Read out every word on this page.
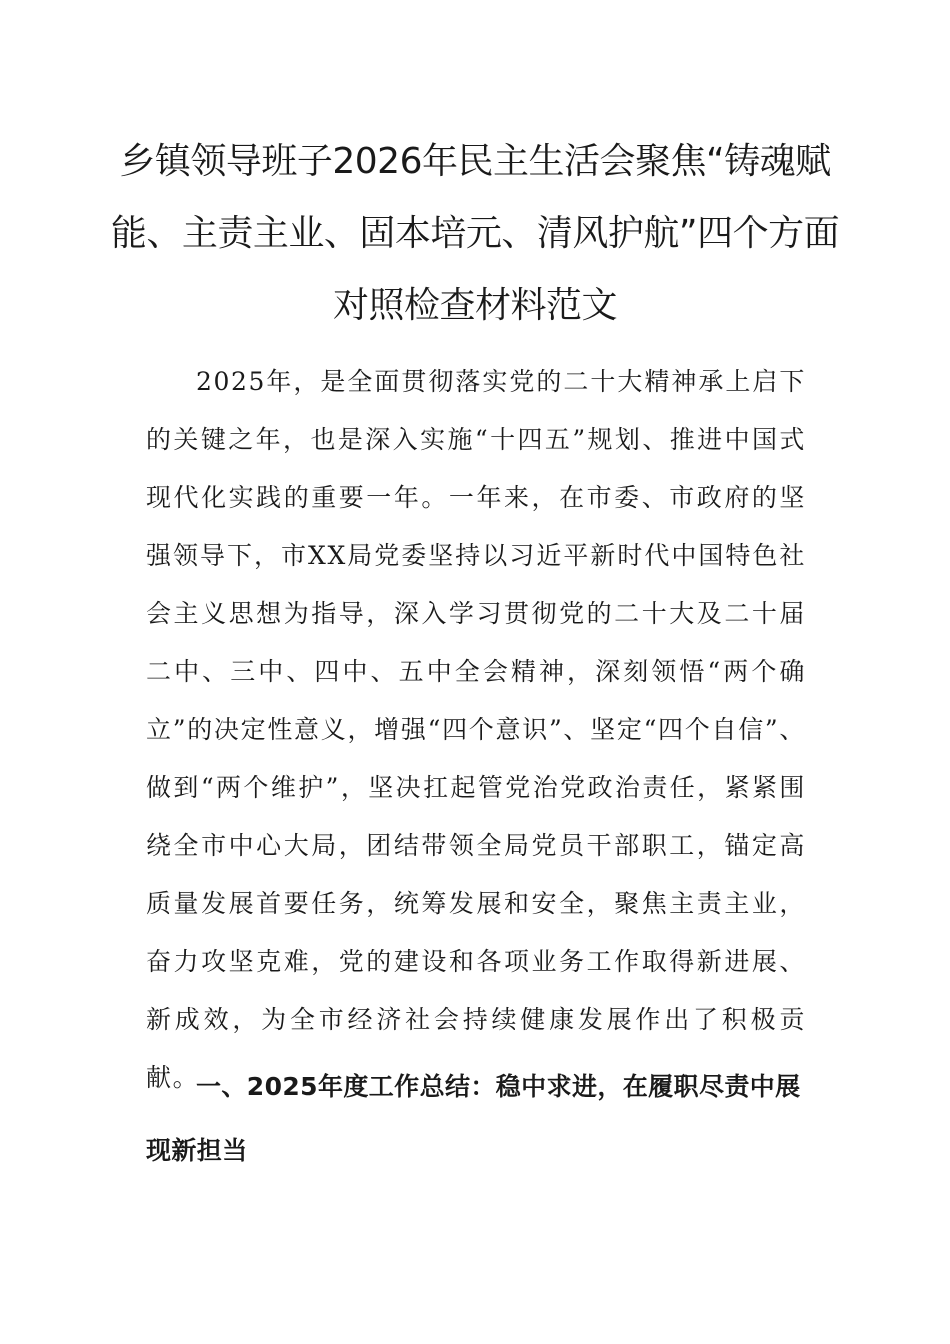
乡镇领导班子2026年民主生活会聚焦“铸魂赋能、主责主业、固本培元、清风护航”四个方面对照检查材料范文

2025年，是全面贯彻落实党的二十大精神承上启下的关键之年，也是深入实施“十四五”规划、推进中国式现代化实践的重要一年。一年来，在市委、市政府的坚强领导下，市XX局党委坚持以习近平新时代中国特色社会主义思想为指导，深入学习贯彻党的二十大及二十届二中、三中、四中、五中全会精神，深刻领悟“两个确立”的决定性意义，增强“四个意识”、坚定“四个自信”、做到“两个维护”，坚决扛起管党治党政治责任，紧紧围绕全市中心大局，团结带领全局党员干部职工，锚定高质量发展首要任务，统筹发展和安全，聚焦主责主业，奋力攻坚克难，党的建设和各项业务工作取得新进展、新成效，为全市经济社会持续健康发展作出了积极贡献。

一、2025年度工作总结：稳中求进，在履职尽责中展现新担当
